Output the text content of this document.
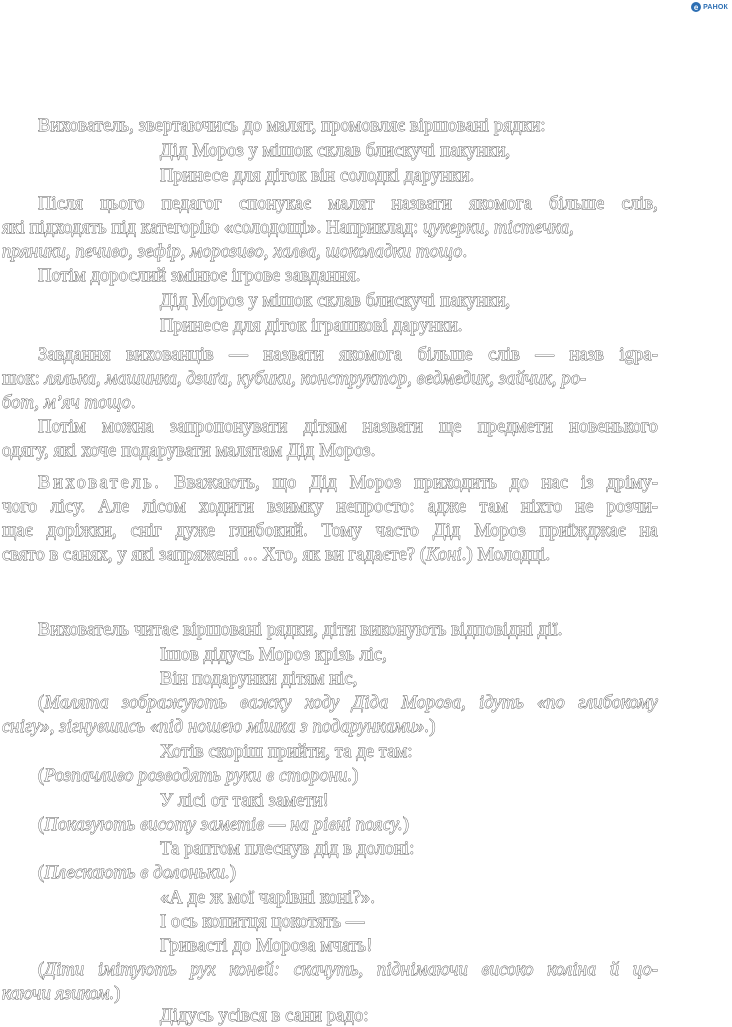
e РАНОК
Вихователь, звертаючись до малят, промовляє віршовані рядки:
Дід Мороз у мішок склав блискучі пакунки,
Принесе для діток він солодкі дарунки.
Після цього педагог спонукає малят назвати якомога більше слів,
які підходять під категорію «солодощі». Наприклад: цукерки, тістечка,
пряники, печиво, зефір, морозиво, халва, шоколадки тощо.
Потім дорослий змінює ігрове завдання.
Дід Мороз у мішок склав блискучі пакунки,
Принесе для діток іграшкові дарунки.
Завдання вихованців — назвати якомога більше слів — назв igра-
шок: лялька, машинка, дзиґа, кубики, конструктор, ведмедик, зайчик, ро-
бот, м’яч тощо.
Потім можна запропонувати дітям назвати ще предмети новенького
одягу, які хоче подарувати малятам Дід Мороз.
Вихователь. Вважають, що Дід Мороз приходить до нас із дріму-
чого лісу. Але лісом ходити взимку непросто: адже там ніхто не розчи-
щає доріжки, сніг дуже глибокий. Тому часто Дід Мороз приїжджає на
свято в санях, у які запряжені ... Хто, як ви гадаєте? (Коні.) Молодці.
Вихователь читає віршовані рядки, діти виконують відповідні дії.
Ішов дідусь Мороз крізь ліс,
Він подарунки дітям ніс,
(Малята зображують важку ходу Діда Мороза, ідуть «по глибокому
снігу», зігнувшись «під ношею мішка з подарунками».)
Хотів скоріш прийти, та де там:
(Розпачливо розводять руки в сторони.)
У лісі от такі замети!
(Показують висоту заметів — на рівні поясу.)
Та раптом плеснув дід в долоні:
(Плескають в долоньки.)
«А де ж мої чарівні коні?».
І ось копитця цокотять —
Гриваcті до Мороза мчать!
(Діти імітують рух коней: скачуть, піднімаючи високо коліна й цо-
каючи язиком.)
Дідусь усівся в сани радо:
